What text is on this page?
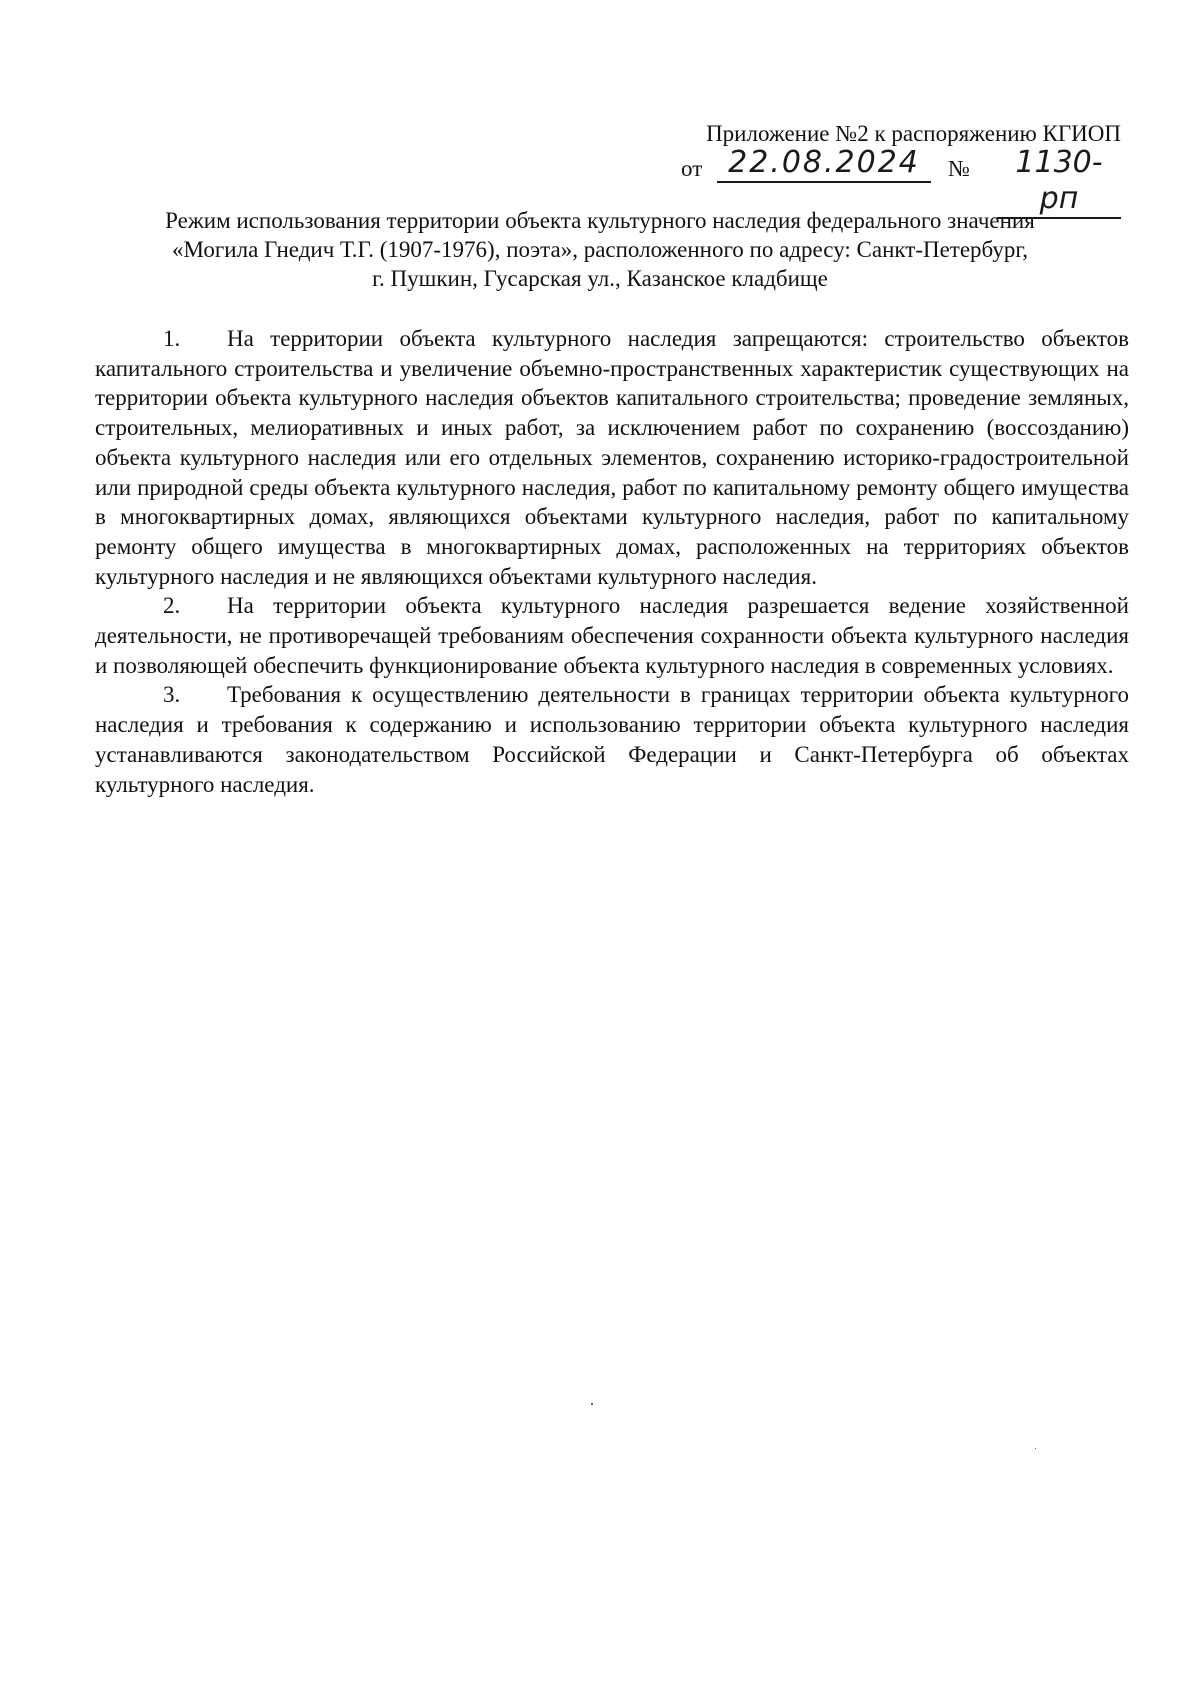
Приложение №2 к распоряжению КГИОП
от 22.08.2024	№	1130-рп
Режим использования территории объекта культурного наследия федерального значения
«Могила Гнедич Т.Г. (1907-1976), поэта», расположенного по адресу: Санкт-Петербург,
г. Пушкин, Гусарская ул., Казанское кладбище

1. На территории объекта культурного наследия запрещаются: строительство объектов капитального строительства и увеличение объемно-пространственных характеристик существующих на территории объекта культурного наследия объектов капитального строительства; проведение земляных, строительных, мелиоративных и иных работ, за исключением работ по сохранению (воссозданию) объекта культурного наследия или его отдельных элементов, сохранению историко-градостроительной или природной среды объекта культурного наследия, работ по капитальному ремонту общего имущества в многоквартирных домах, являющихся объектами культурного наследия, работ по капитальному ремонту общего имущества в многоквартирных домах, расположенных на территориях объектов культурного наследия и не являющихся объектами культурного наследия.

2. На территории объекта культурного наследия разрешается ведение хозяйственной деятельности, не противоречащей требованиям обеспечения сохранности объекта культурного наследия и позволяющей обеспечить функционирование объекта культурного наследия в современных условиях.

3. Требования к осуществлению деятельности в границах территории объекта культурного наследия и требования к содержанию и использованию территории объекта культурного наследия устанавливаются законодательством Российской Федерации и Санкт-Петербурга об объектах культурного наследия.
